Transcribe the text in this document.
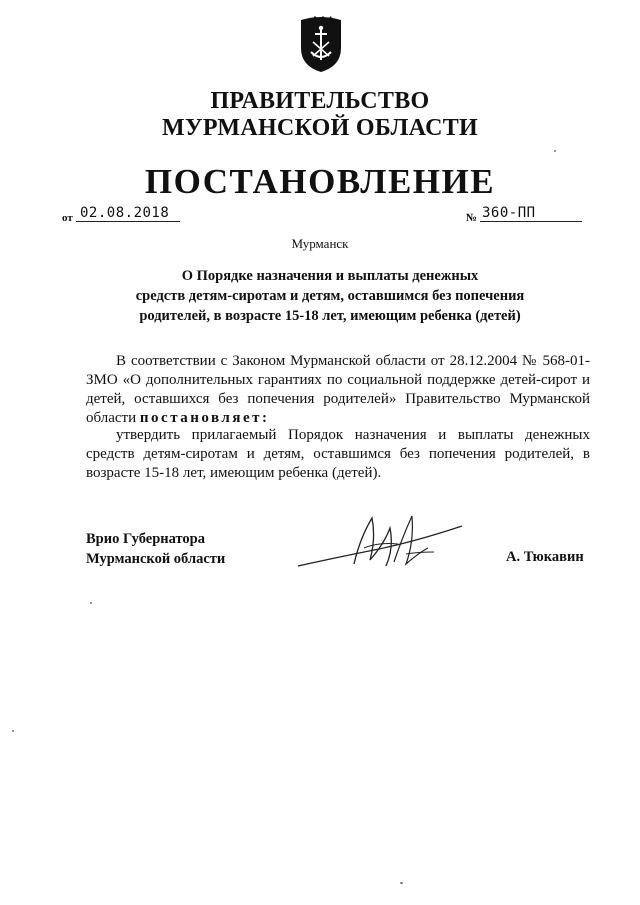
ПРАВИТЕЛЬСТВО
МУРМАНСКОЙ ОБЛАСТИ
ПОСТАНОВЛЕНИЕ
от 02.08.2018	№ 360-ПП
Мурманск
О Порядке назначения и выплаты денежных
средств детям-сиротам и детям, оставшимся без попечения
родителей, в возрасте 15-18 лет, имеющим ребенка (детей)
В соответствии с Законом Мурманской области от 28.12.2004 № 568-01-ЗМО «О дополнительных гарантиях по социальной поддержке детей-сирот и детей, оставшихся без попечения родителей» Правительство Мурманской области постановляет:
утвердить прилагаемый Порядок назначения и выплаты денежных средств детям-сиротам и детям, оставшимся без попечения родителей, в возрасте 15-18 лет, имеющим ребенка (детей).
Врио Губернатора
Мурманской области	А. Тюкавин
